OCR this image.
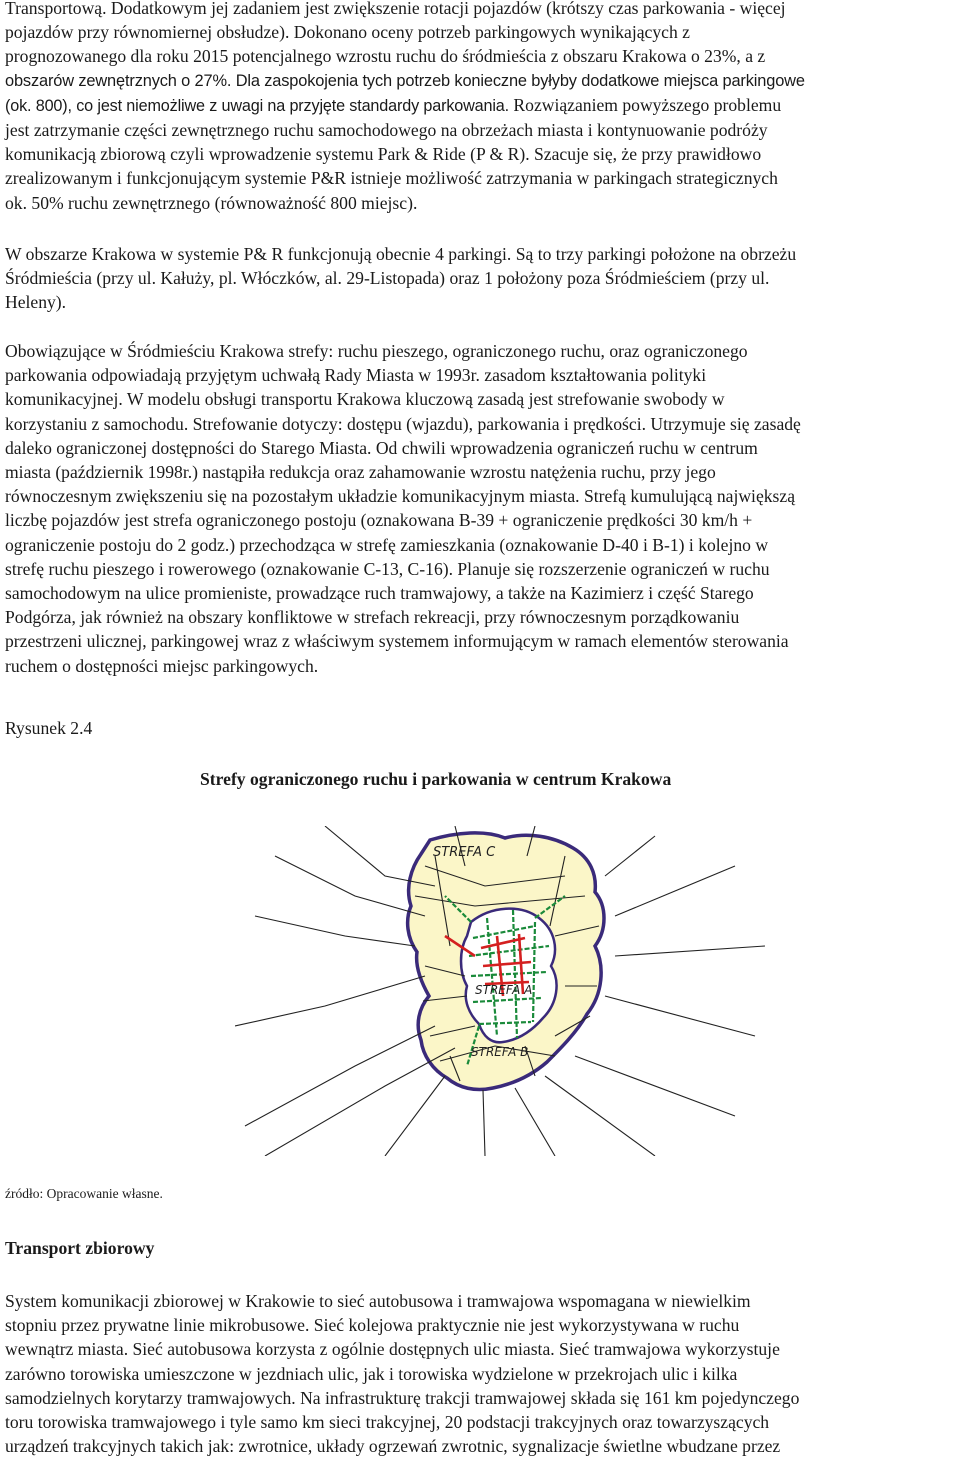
Transportową. Dodatkowym jej zadaniem jest zwiększenie rotacji pojazdów (krótszy czas parkowania - więcej

pojazdów przy równomiernej obsłudze). Dokonano oceny potrzeb parkingowych wynikających z

prognozowanego dla roku 2015 potencjalnego wzrostu ruchu do śródmieścia z obszaru Krakowa o 23%, a z

obszarów zewnętrznych o 27%. Dla zaspokojenia tych potrzeb konieczne byłyby dodatkowe miejsca parkingowe

(ok. 800), co jest niemożliwe z uwagi na przyjęte standardy parkowania. Rozwiązaniem powyższego problemu

jest zatrzymanie części zewnętrznego ruchu samochodowego na obrzeżach miasta i kontynuowanie podróży

komunikacją zbiorową czyli wprowadzenie systemu Park & Ride (P & R). Szacuje się, że przy prawidłowo

zrealizowanym i funkcjonującym systemie P&R istnieje możliwość zatrzymania w parkingach strategicznych

ok. 50% ruchu zewnętrznego (równoważność 800 miejsc).

W obszarze Krakowa w systemie P& R funkcjonują obecnie 4 parkingi. Są to trzy parkingi położone na obrzeżu

Śródmieścia (przy ul. Kałuży, pl. Włóczków, al. 29-Listopada) oraz 1 położony poza Śródmieściem (przy ul.

Heleny).

Obowiązujące w Śródmieściu Krakowa strefy: ruchu pieszego, ograniczonego ruchu, oraz ograniczonego

parkowania odpowiadają przyjętym uchwałą Rady Miasta w 1993r. zasadom kształtowania polityki

komunikacyjnej. W modelu obsługi transportu Krakowa kluczową zasadą jest strefowanie swobody w

korzystaniu z samochodu. Strefowanie dotyczy: dostępu (wjazdu), parkowania i prędkości. Utrzymuje się zasadę

daleko ograniczonej dostępności do Starego Miasta. Od chwili wprowadzenia ograniczeń ruchu w centrum

miasta (październik 1998r.) nastąpiła redukcja oraz zahamowanie wzrostu natężenia ruchu, przy jego

równoczesnym zwiększeniu się na pozostałym układzie komunikacyjnym miasta. Strefą kumulującą największą

liczbę pojazdów jest strefa ograniczonego postoju (oznakowana B-39 + ograniczenie prędkości 30 km/h +

ograniczenie postoju do 2 godz.) przechodząca w strefę zamieszkania (oznakowanie D-40 i B-1) i kolejno w

strefę ruchu pieszego i rowerowego (oznakowanie C-13, C-16). Planuje się rozszerzenie ograniczeń w ruchu

samochodowym na ulice promieniste, prowadzące ruch tramwajowy, a także na Kazimierz i część Starego

Podgórza, jak również na obszary konfliktowe w strefach rekreacji, przy równoczesnym porządkowaniu

przestrzeni ulicznej, parkingowej wraz z właściwym systemem informującym w ramach elementów sterowania

ruchem o dostępności miejsc parkingowych.

Rysunek 2.4

Strefy ograniczonego ruchu i parkowania w centrum Krakowa

STREFA C
STREFA A
STREFA B

źródło: Opracowanie własne.

Transport zbiorowy

System komunikacji zbiorowej w Krakowie to sieć autobusowa i tramwajowa wspomagana w niewielkim

stopniu przez prywatne linie mikrobusowe. Sieć kolejowa praktycznie nie jest wykorzystywana w ruchu

wewnątrz miasta. Sieć autobusowa korzysta z ogólnie dostępnych ulic miasta. Sieć tramwajowa wykorzystuje

zarówno torowiska umieszczone w jezdniach ulic, jak i torowiska wydzielone w przekrojach ulic i kilka

samodzielnych korytarzy tramwajowych. Na infrastrukturę trakcji tramwajowej składa się 161 km pojedynczego

toru torowiska tramwajowego i tyle samo km sieci trakcyjnej, 20 podstacji trakcyjnych oraz towarzyszących

urządzeń trakcyjnych takich jak: zwrotnice, układy ogrzewań zwrotnic, sygnalizacje świetlne wbudzane przez
